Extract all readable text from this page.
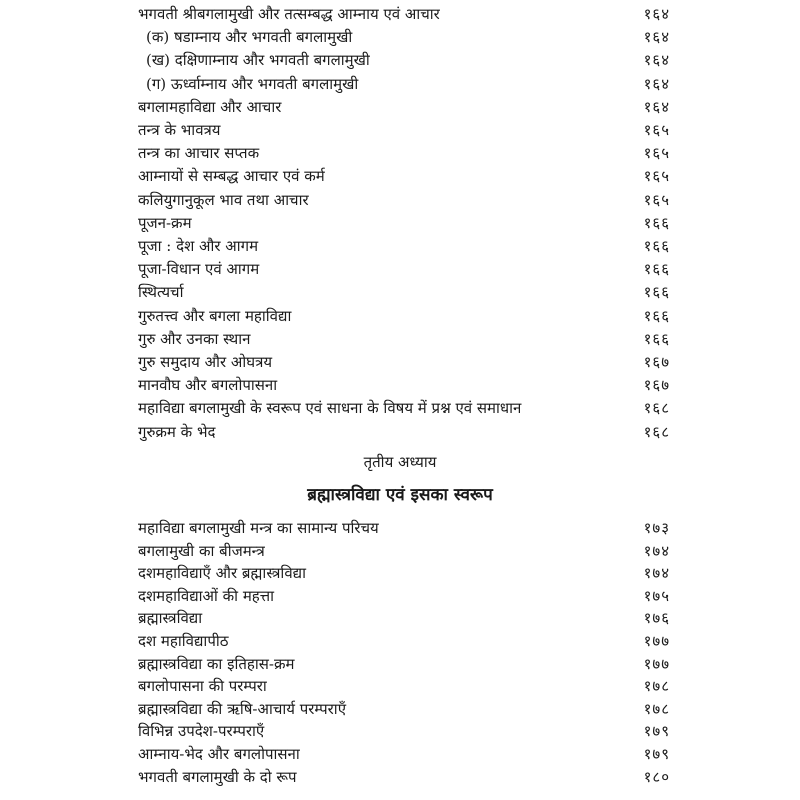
भगवती श्रीबगलामुखी और तत्सम्बद्ध आम्नाय एवं आचार	१६४
(क) षडाम्नाय और भगवती बगलामुखी	१६४
(ख) दक्षिणाम्नाय और भगवती बगलामुखी	१६४
(ग) ऊर्ध्वाम्नाय और भगवती बगलामुखी	१६४
बगलामहाविद्या और आचार	१६४
तन्त्र के भावत्रय	१६५
तन्त्र का आचार सप्तक	१६५
आम्नायों से सम्बद्ध आचार एवं कर्म	१६५
कलियुगानुकूल भाव तथा आचार	१६५
पूजन-क्रम	१६६
पूजा : देश और आगम	१६६
पूजा-विधान एवं आगम	१६६
स्थित्यर्चा	१६६
गुरुतत्त्व और बगला महाविद्या	१६६
गुरु और उनका स्थान	१६६
गुरु समुदाय और ओघत्रय	१६७
मानवौघ और बगलोपासना	१६७
महाविद्या बगलामुखी के स्वरूप एवं साधना के विषय में प्रश्न एवं समाधान	१६८
गुरुक्रम के भेद	१६८
तृतीय अध्याय
ब्रह्मास्त्रविद्या एवं इसका स्वरूप
महाविद्या बगलामुखी मन्त्र का सामान्य परिचय	१७३
बगलामुखी का बीजमन्त्र	१७४
दशमहाविद्याएँ और ब्रह्मास्त्रविद्या	१७४
दशमहाविद्याओं की महत्ता	१७५
ब्रह्मास्त्रविद्या	१७६
दश महाविद्यापीठ	१७७
ब्रह्मास्त्रविद्या का इतिहास-क्रम	१७७
बगलोपासना की परम्परा	१७८
ब्रह्मास्त्रविद्या की ऋषि-आचार्य परम्पराएँ	१७८
विभिन्न उपदेश-परम्पराएँ	१७९
आम्नाय-भेद और बगलोपासना	१७९
भगवती बगलामुखी के दो रूप	१८०
